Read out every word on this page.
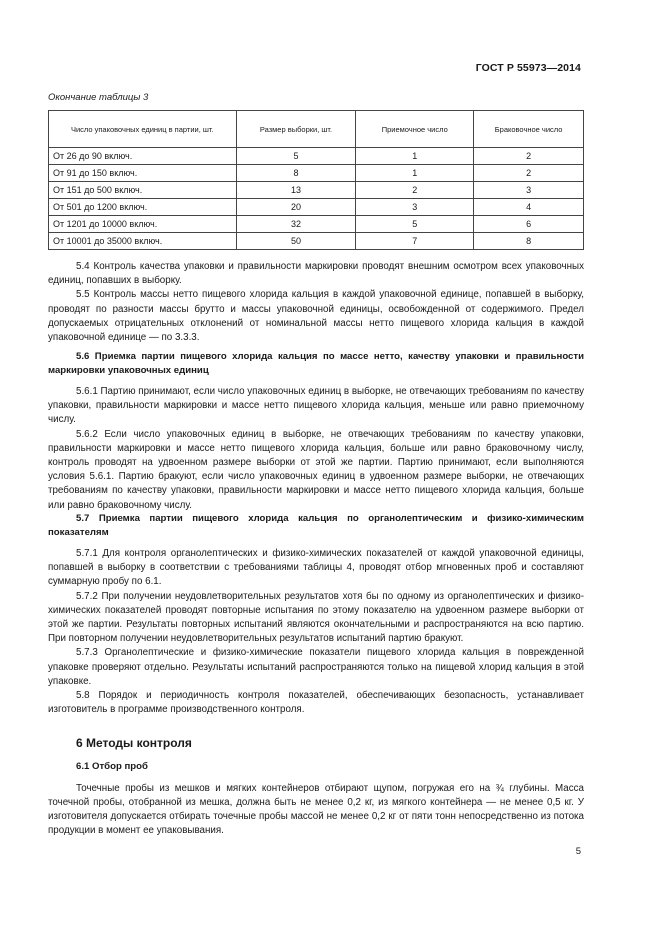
ГОСТ Р 55973—2014
Окончание таблицы 3
Число упаковочных единиц в партии, шт.	Размер выборки, шт.	Приемочное число	Браковочное число
От 26 до 90 включ.	5	1	2
От 91 до 150 включ.	8	1	2
От 151 до 500 включ.	13	2	3
От 501 до 1200 включ.	20	3	4
От 1201 до 10000 включ.	32	5	6
От 10001 до 35000 включ.	50	7	8

5.4 Контроль качества упаковки и правильности маркировки проводят внешним осмотром всех упаковочных единиц, попавших в выборку.

5.5 Контроль массы нетто пищевого хлорида кальция в каждой упаковочной единице, попавшей в выборку, проводят по разности массы брутто и массы упаковочной единицы, освобожденной от содержимого. Предел допускаемых отрицательных отклонений от номинальной массы нетто пищевого хлорида кальция в каждой упаковочной единице — по 3.3.3.

5.6 Приемка партии пищевого хлорида кальция по массе нетто, качеству упаковки и правильности маркировки упаковочных единиц

5.6.1 Партию принимают, если число упаковочных единиц в выборке, не отвечающих требованиям по качеству упаковки, правильности маркировки и массе нетто пищевого хлорида кальция, меньше или равно приемочному числу.

5.6.2 Если число упаковочных единиц в выборке, не отвечающих требованиям по качеству упаковки, правильности маркировки и массе нетто пищевого хлорида кальция, больше или равно браковочному числу, контроль проводят на удвоенном размере выборки от этой же партии. Партию принимают, если выполняются условия 5.6.1. Партию бракуют, если число упаковочных единиц в удвоенном размере выборки, не отвечающих требованиям по качеству упаковки, правильности маркировки и массе нетто пищевого хлорида кальция, больше или равно браковочному числу.

5.7 Приемка партии пищевого хлорида кальция по органолептическим и физико-химическим показателям

5.7.1 Для контроля органолептических и физико-химических показателей от каждой упаковочной единицы, попавшей в выборку в соответствии с требованиями таблицы 4, проводят отбор мгновенных проб и составляют суммарную пробу по 6.1.

5.7.2 При получении неудовлетворительных результатов хотя бы по одному из органолептических и физико-химических показателей проводят повторные испытания по этому показателю на удвоенном размере выборки от этой же партии. Результаты повторных испытаний являются окончательными и распространяются на всю партию. При повторном получении неудовлетворительных результатов испытаний партию бракуют.

5.7.3 Органолептические и физико-химические показатели пищевого хлорида кальция в поврежденной упаковке проверяют отдельно. Результаты испытаний распространяются только на пищевой хлорид кальция в этой упаковке.

5.8 Порядок и периодичность контроля показателей, обеспечивающих безопасность, устанавливает изготовитель в программе производственного контроля.

6 Методы контроля

6.1 Отбор проб

Точечные пробы из мешков и мягких контейнеров отбирают щупом, погружая его на ¾ глубины. Масса точечной пробы, отобранной из мешка, должна быть не менее 0,2 кг, из мягкого контейнера — не менее 0,5 кг. У изготовителя допускается отбирать точечные пробы массой не менее 0,2 кг от пяти тонн непосредственно из потока продукции в момент ее упаковывания.

5
